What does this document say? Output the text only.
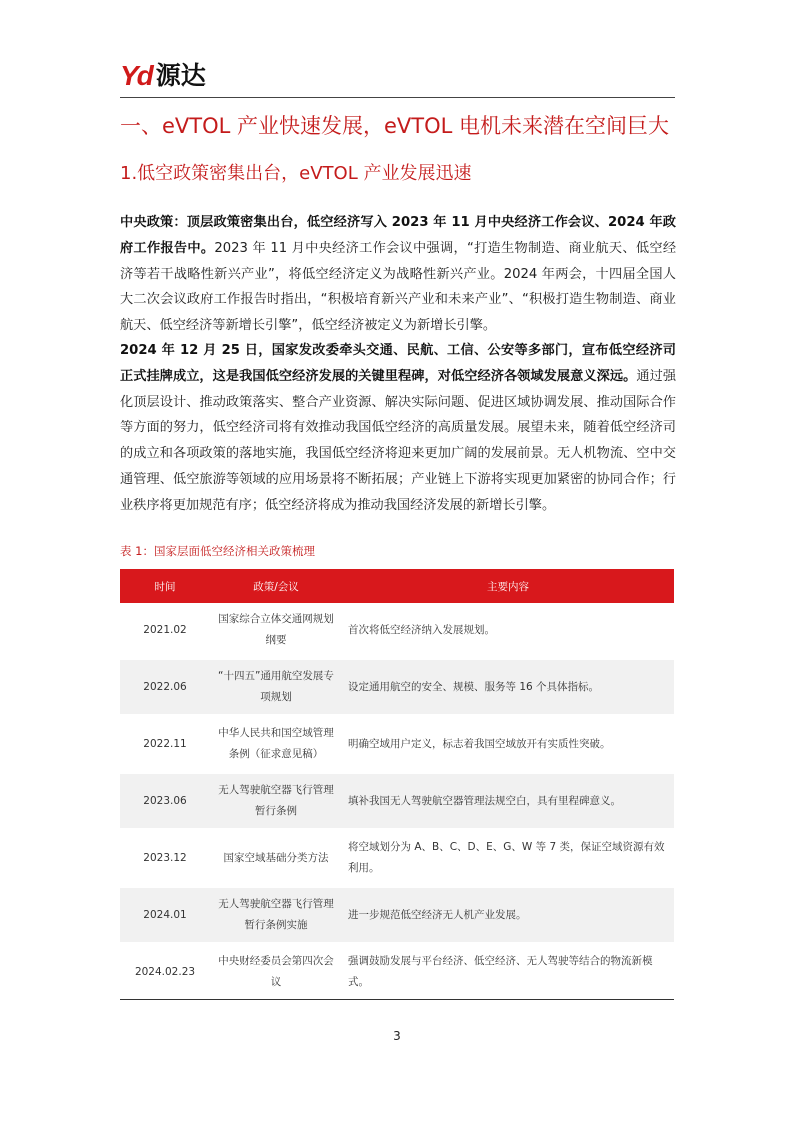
Yd 源达
一、eVTOL 产业快速发展，eVTOL 电机未来潜在空间巨大
1.低空政策密集出台，eVTOL 产业发展迅速
中央政策：顶层政策密集出台，低空经济写入 2023 年 11 月中央经济工作会议、2024 年政府工作报告中。2023 年 11 月中央经济工作会议中强调，“打造生物制造、商业航天、低空经济等若干战略性新兴产业”，将低空经济定义为战略性新兴产业。2024 年两会，十四届全国人大二次会议政府工作报告时指出，“积极培育新兴产业和未来产业”、“积极打造生物制造、商业航天、低空经济等新增长引擎”，低空经济被定义为新增长引擎。
2024 年 12 月 25 日，国家发改委牵头交通、民航、工信、公安等多部门，宣布低空经济司正式挂牌成立，这是我国低空经济发展的关键里程碑，对低空经济各领域发展意义深远。通过强化顶层设计、推动政策落实、整合产业资源、解决实际问题、促进区域协调发展、推动国际合作等方面的努力，低空经济司将有效推动我国低空经济的高质量发展。展望未来，随着低空经济司的成立和各项政策的落地实施，我国低空经济将迎来更加广阔的发展前景。无人机物流、空中交通管理、低空旅游等领域的应用场景将不断拓展；产业链上下游将实现更加紧密的协同合作；行业秩序将更加规范有序；低空经济将成为推动我国经济发展的新增长引擎。
表 1：国家层面低空经济相关政策梳理
时间	政策/会议	主要内容
2021.02	国家综合立体交通网规划纲要	首次将低空经济纳入发展规划。
2022.06	“十四五”通用航空发展专项规划	设定通用航空的安全、规模、服务等 16 个具体指标。
2022.11	中华人民共和国空域管理条例（征求意见稿）	明确空域用户定义，标志着我国空域放开有实质性突破。
2023.06	无人驾驶航空器飞行管理暂行条例	填补我国无人驾驶航空器管理法规空白，具有里程碑意义。
2023.12	国家空域基础分类方法	将空域划分为 A、B、C、D、E、G、W 等 7 类，保证空域资源有效利用。
2024.01	无人驾驶航空器飞行管理暂行条例实施	进一步规范低空经济无人机产业发展。
2024.02.23	中央财经委员会第四次会议	强调鼓励发展与平台经济、低空经济、无人驾驶等结合的物流新模式。
3
